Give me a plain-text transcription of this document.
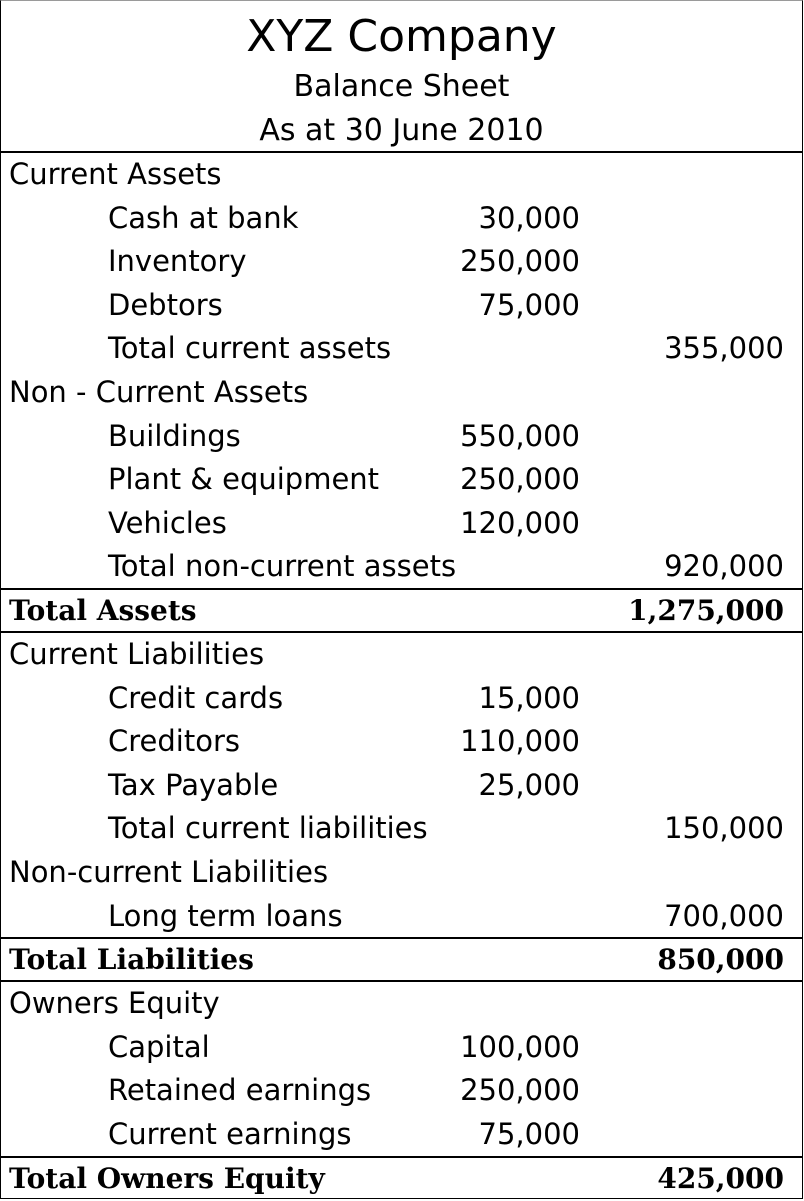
XYZ Company
Balance Sheet
As at 30 June 2010
Current Assets
Cash at bank	30,000
Inventory	250,000
Debtors	75,000
Total current assets	355,000
Non - Current Assets
Buildings	550,000
Plant & equipment	250,000
Vehicles	120,000
Total non-current assets	920,000
Total Assets	1,275,000
Current Liabilities
Credit cards	15,000
Creditors	110,000
Tax Payable	25,000
Total current liabilities	150,000
Non-current Liabilities
Long term loans	700,000
Total Liabilities	850,000
Owners Equity
Capital	100,000
Retained earnings	250,000
Current earnings	75,000
Total Owners Equity	425,000
